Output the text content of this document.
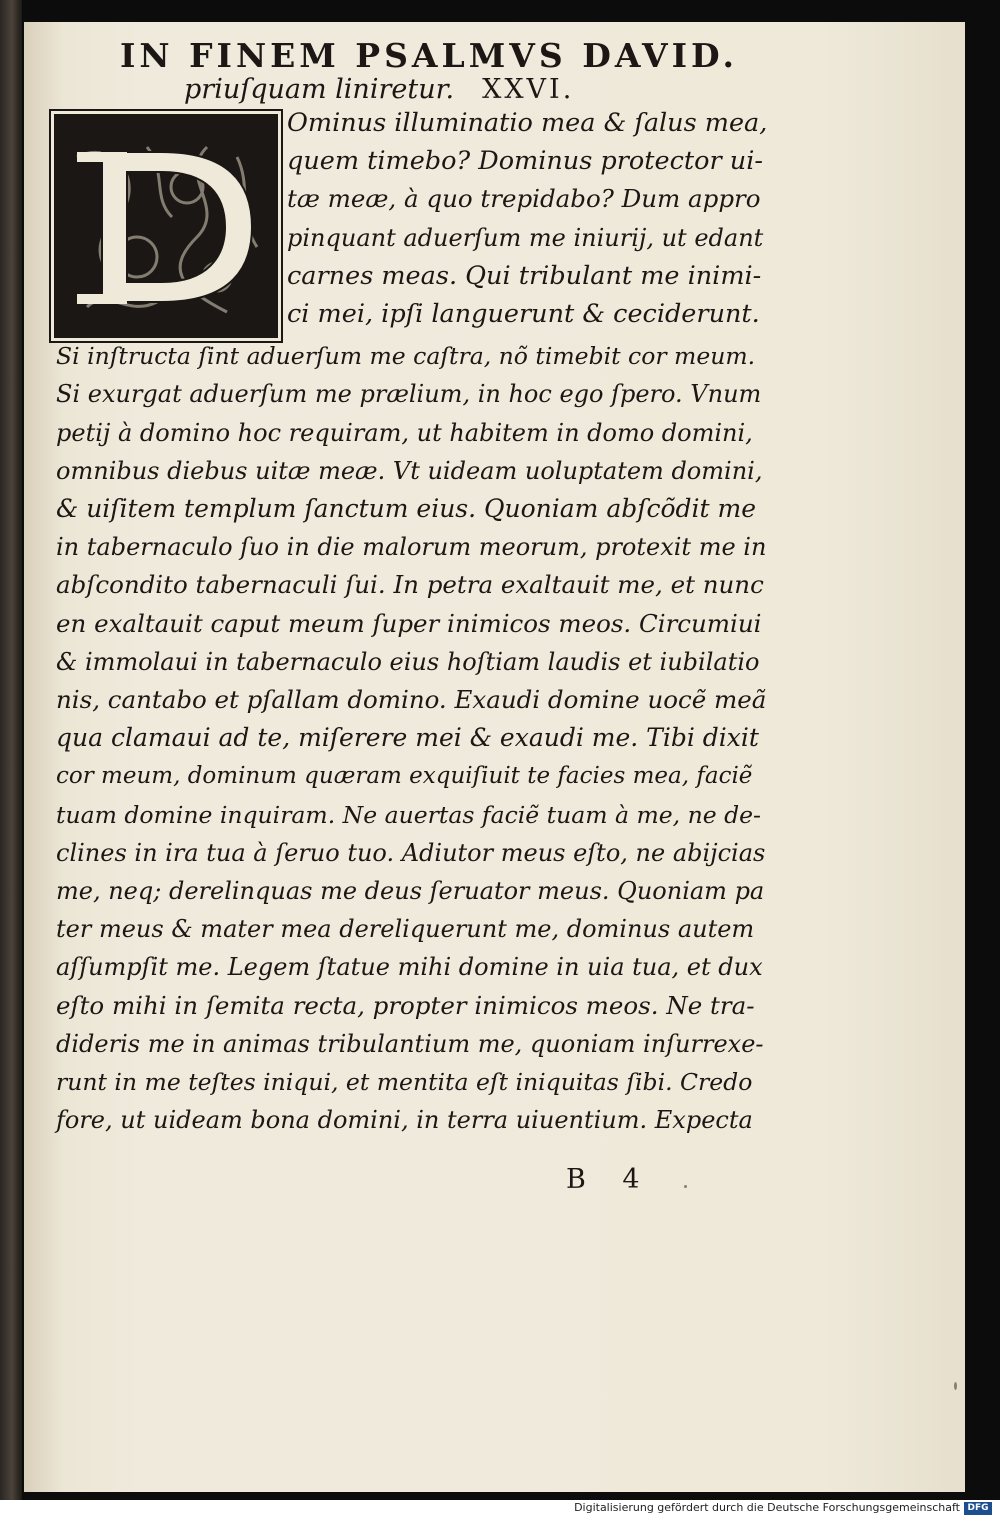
IN FINEM PSALMVS DAVID.
priuſquam liniretur. XXVI.
Ominus illuminatio mea & ſalus mea,
quem timebo? Dominus protector ui-
tæ meæ, à quo trepidabo? Dum appro
pinquant aduerſum me iniurij, ut edant
carnes meas. Qui tribulant me inimi-
ci mei, ipſi languerunt & ceciderunt.
Si inſtructa ſint aduerſum me caſtra, nõ timebit cor meum.
Si exurgat aduerſum me prælium, in hoc ego ſpero. Vnum
petij à domino hoc requiram, ut habitem in domo domini,
omnibus diebus uitæ meæ. Vt uideam uoluptatem domini,
& uiſitem templum ſanctum eius. Quoniam abſcõdit me
in tabernaculo ſuo in die malorum meorum, protexit me in
abſcondito tabernaculi ſui. In petra exaltauit me, et nunc
en exaltauit caput meum ſuper inimicos meos. Circumiui
& immolaui in tabernaculo eius hoſtiam laudis et iubilatio
nis, cantabo et pſallam domino. Exaudi domine uocẽ meã
qua clamaui ad te, miſerere mei & exaudi me. Tibi dixit
cor meum, dominum quæram exquiſiuit te facies mea, faciẽ
tuam domine inquiram. Ne auertas faciẽ tuam à me, ne de-
clines in ira tua à ſeruo tuo. Adiutor meus eſto, ne abijcias
me, neq; derelinquas me deus ſeruator meus. Quoniam pa
ter meus & mater mea dereliquerunt me, dominus autem
aſſumpſit me. Legem ſtatue mihi domine in uia tua, et dux
eſto mihi in ſemita recta, propter inimicos meos. Ne tra-
dideris me in animas tribulantium me, quoniam inſurrexe-
runt in me teſtes iniqui, et mentita eſt iniquitas ſibi. Credo
fore, ut uideam bona domini, in terra uiuentium. Expecta
B 4
Digitalisierung gefördert durch die Deutsche Forschungsgemeinschaft DFG
